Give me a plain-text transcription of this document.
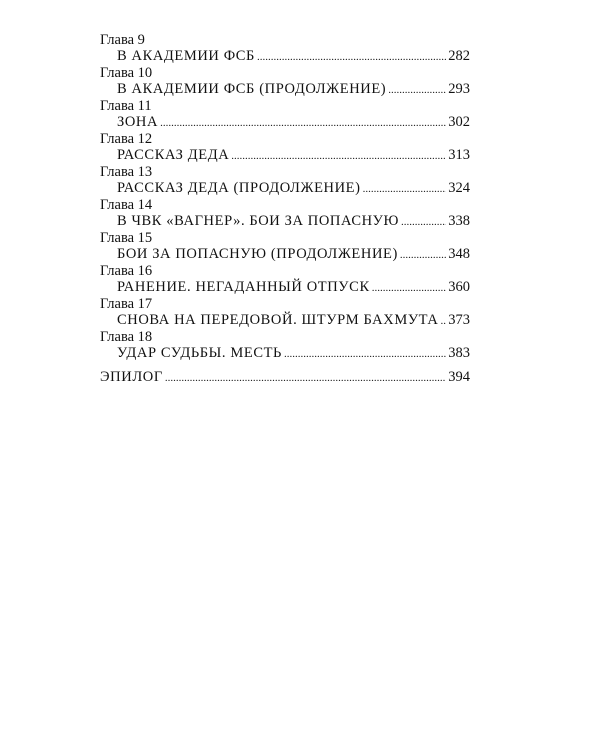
Глава 9
В АКАДЕМИИ ФСБ .....	282
Глава 10
В АКАДЕМИИ ФСБ (ПРОДОЛЖЕНИЕ) .....	293
Глава 11
ЗОНА .....	302
Глава 12
РАССКАЗ ДЕДА .....	313
Глава 13
РАССКАЗ ДЕДА (ПРОДОЛЖЕНИЕ) .....	324
Глава 14
В ЧВК «ВАГНЕР». БОИ ЗА ПОПАСНУЮ .....	338
Глава 15
БОИ ЗА ПОПАСНУЮ (ПРОДОЛЖЕНИЕ) .....	348
Глава 16
РАНЕНИЕ. НЕГАДАННЫЙ ОТПУСК .....	360
Глава 17
СНОВА НА ПЕРЕДОВОЙ. ШТУРМ БАХМУТА ..... 373
Глава 18
УДАР СУДЬБЫ. МЕСТЬ .....	383
ЭПИЛОГ .....	394
